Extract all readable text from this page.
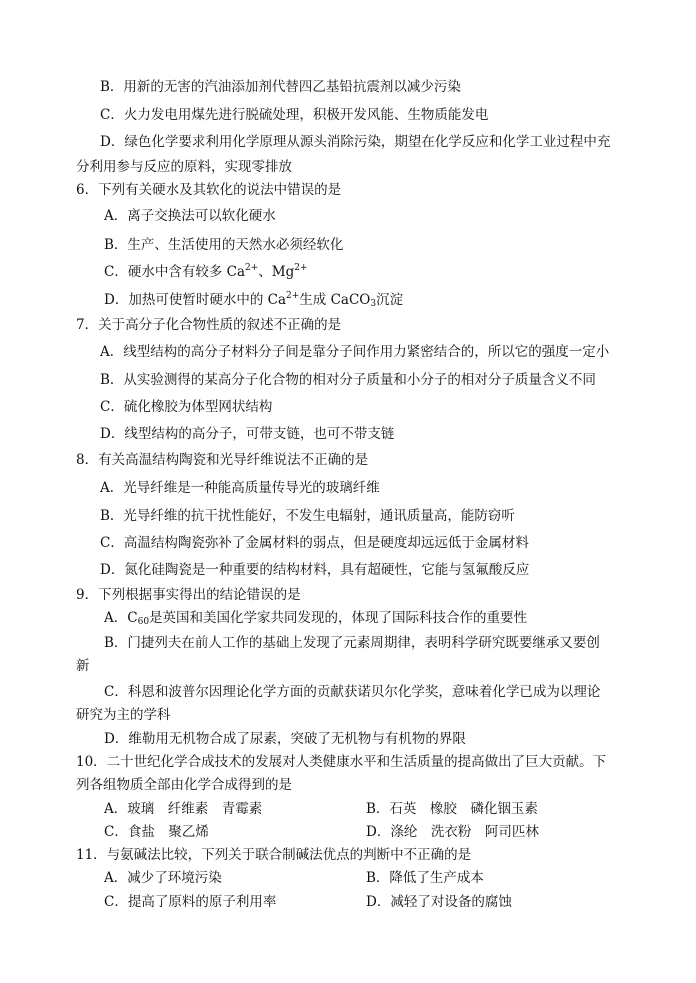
B．用新的无害的汽油添加剂代替四乙基铅抗震剂以减少污染
C．火力发电用煤先进行脱硫处理，积极开发风能、生物质能发电
D．绿色化学要求利用化学原理从源头消除污染，期望在化学反应和化学工业过程中充
分利用参与反应的原料，实现零排放
6．下列有关硬水及其软化的说法中错误的是
A．离子交换法可以软化硬水
B．生产、生活使用的天然水必须经软化
C．硬水中含有较多 $Ca^{2+}$、$Mg^{2+}$
D．加热可使暂时硬水中的 $Ca^{2+}$生成 CaCO$_3$沉淀
7．关于高分子化合物性质的叙述不正确的是
A．线型结构的高分子材料分子间是靠分子间作用力紧密结合的，所以它的强度一定小
B．从实验测得的某高分子化合物的相对分子质量和小分子的相对分子质量含义不同
C．硫化橡胶为体型网状结构
D．线型结构的高分子，可带支链，也可不带支链
8．有关高温结构陶瓷和光导纤维说法不正确的是
A．光导纤维是一种能高质量传导光的玻璃纤维
B．光导纤维的抗干扰性能好，不发生电辐射，通讯质量高，能防窃听
C．高温结构陶瓷弥补了金属材料的弱点，但是硬度却远远低于金属材料
D．氮化硅陶瓷是一种重要的结构材料，具有超硬性，它能与氢氟酸反应
9．下列根据事实得出的结论错误的是
A．$C_{60}$是英国和美国化学家共同发现的，体现了国际科技合作的重要性
B．门捷列夫在前人工作的基础上发现了元素周期律，表明科学研究既要继承又要创
新
C．科恩和波普尔因理论化学方面的贡献获诺贝尔化学奖，意味着化学已成为以理论
研究为主的学科
D．维勒用无机物合成了尿素，突破了无机物与有机物的界限
10．二十世纪化学合成技术的发展对人类健康水平和生活质量的提高做出了巨大贡献。下
列各组物质全部由化学合成得到的是
A．玻璃　纤维素　青霉素	B．石英　橡胶　磷化铟玉素
C．食盐　聚乙烯	D．涤纶　洗衣粉　阿司匹林
11．与氨碱法比较，下列关于联合制碱法优点的判断中不正确的是
A．减少了环境污染	B．降低了生产成本
C．提高了原料的原子利用率	D．减轻了对设备的腐蚀
